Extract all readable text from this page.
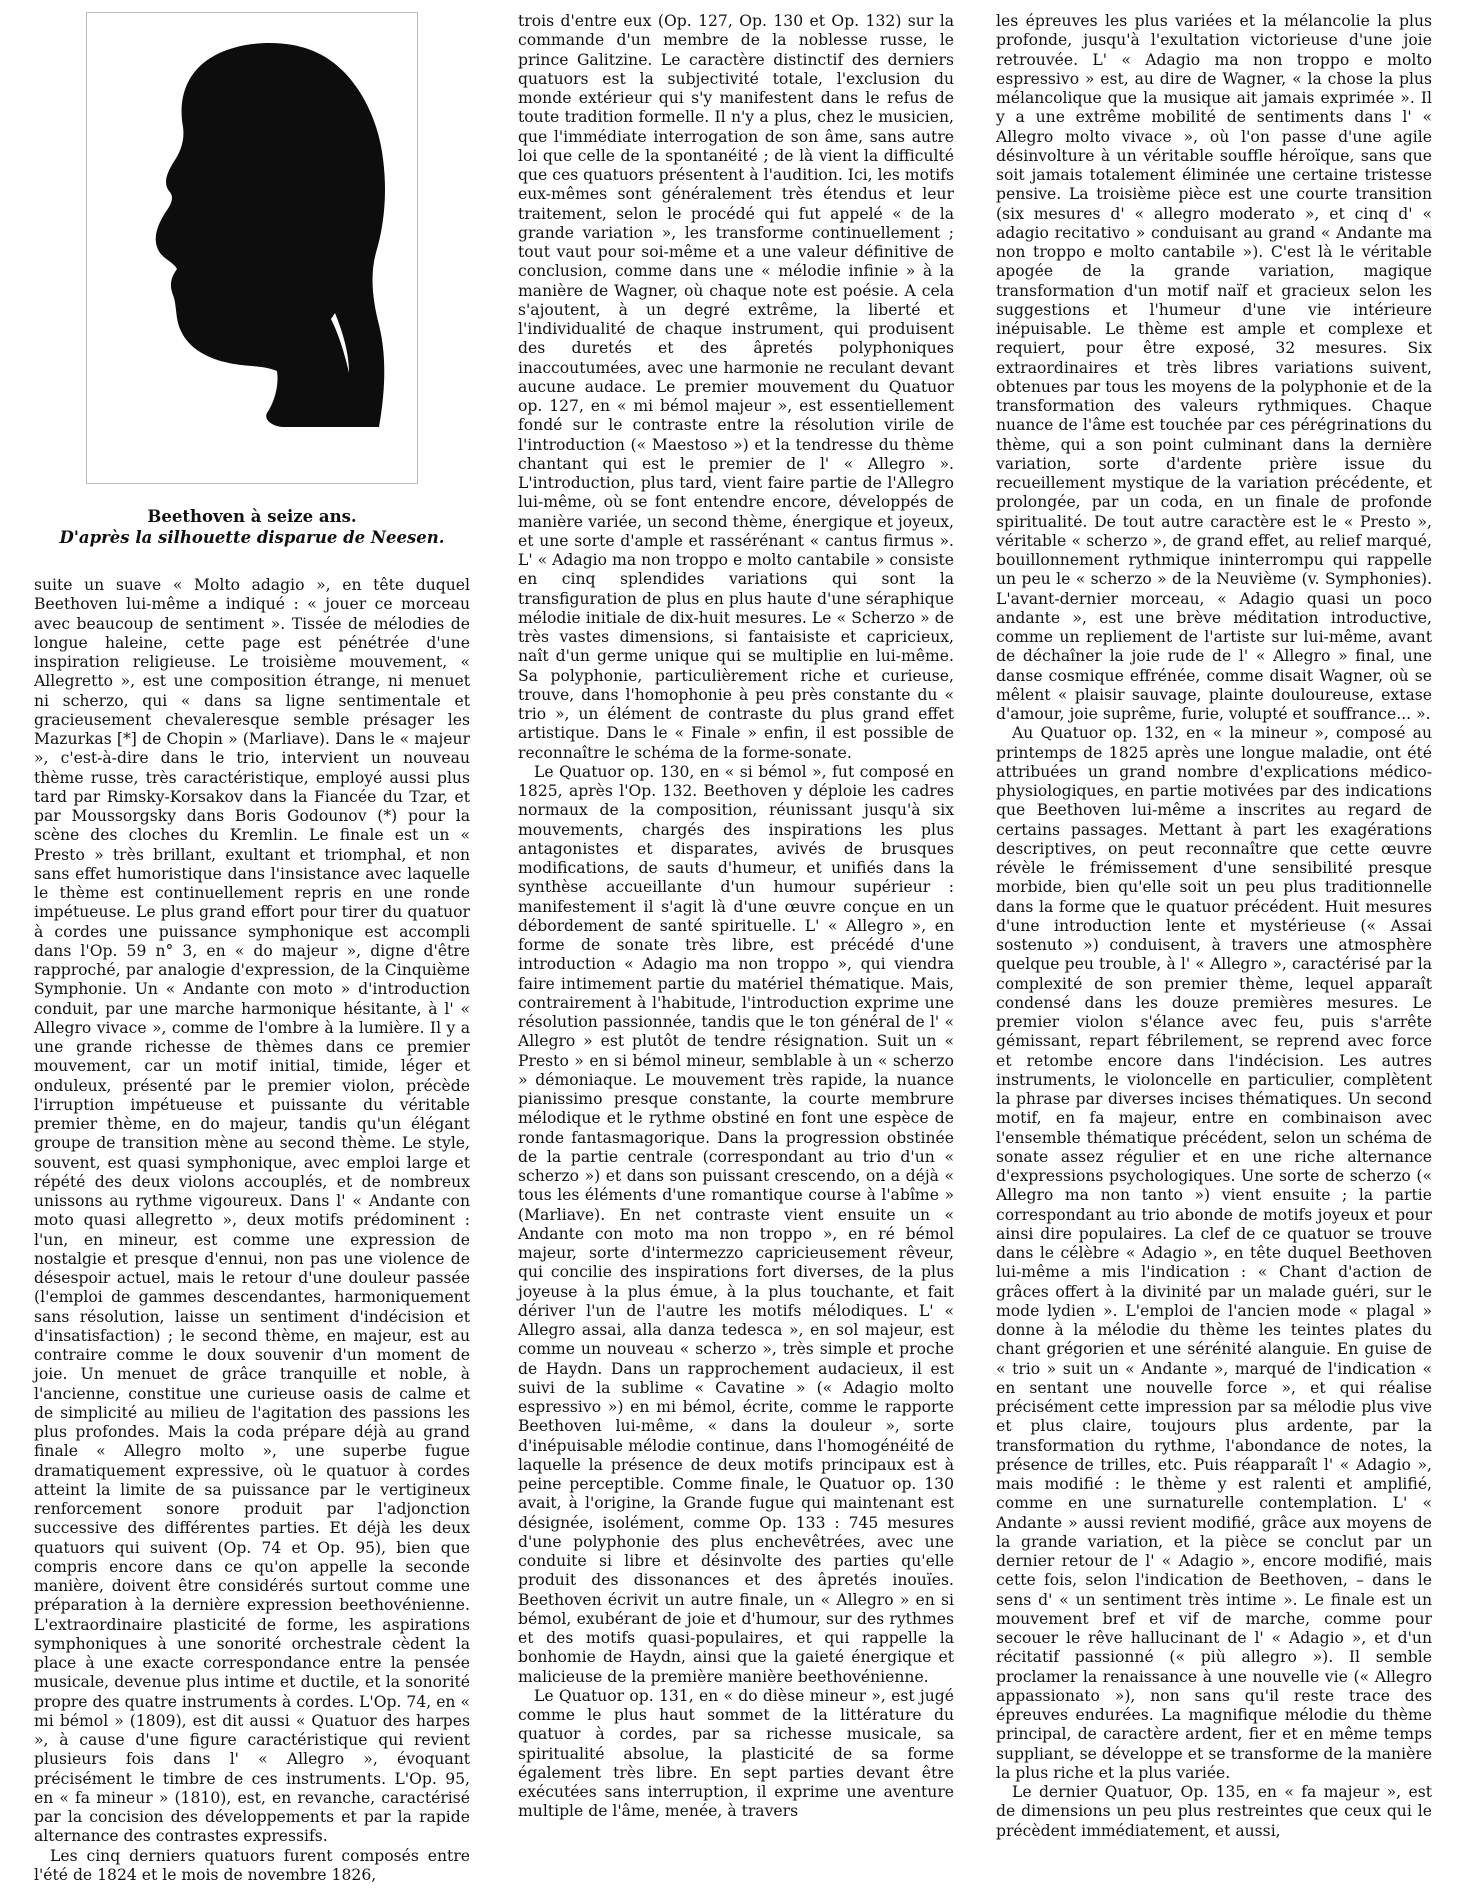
Beethoven à seize ans.
D'après la silhouette disparue de Neesen.

suite un suave « Molto adagio », en tête duquel Beethoven lui-même a indiqué : « jouer ce morceau avec beaucoup de sentiment ». Tissée de mélodies de longue haleine, cette page est pénétrée d'une inspiration religieuse. Le troisième mouvement, « Allegretto », est une composition étrange, ni menuet ni scherzo, qui « dans sa ligne sentimentale et gracieusement chevaleresque semble présager les Mazurkas [*] de Chopin » (Marliave). Dans le « majeur », c'est-à-dire dans le trio, intervient un nouveau thème russe, très caractéristique, employé aussi plus tard par Rimsky-Korsakov dans la Fiancée du Tzar, et par Moussorgsky dans Boris Godounov (*) pour la scène des cloches du Kremlin. Le finale est un « Presto » très brillant, exultant et triomphal, et non sans effet humoristique dans l'insistance avec laquelle le thème est continuellement repris en une ronde impétueuse. Le plus grand effort pour tirer du quatuor à cordes une puissance symphonique est accompli dans l'Op. 59 n° 3, en « do majeur », digne d'être rapproché, par analogie d'expression, de la Cinquième Symphonie. Un « Andante con moto » d'introduction conduit, par une marche harmonique hésitante, à l' « Allegro vivace », comme de l'ombre à la lumière. Il y a une grande richesse de thèmes dans ce premier mouvement, car un motif initial, timide, léger et onduleux, présenté par le premier violon, précède l'irruption impétueuse et puissante du véritable premier thème, en do majeur, tandis qu'un élégant groupe de transition mène au second thème. Le style, souvent, est quasi symphonique, avec emploi large et répété des deux violons accouplés, et de nombreux unissons au rythme vigoureux. Dans l' « Andante con moto quasi allegretto », deux motifs prédominent : l'un, en mineur, est comme une expression de nostalgie et presque d'ennui, non pas une violence de désespoir actuel, mais le retour d'une douleur passée (l'emploi de gammes descendantes, harmoniquement sans résolution, laisse un sentiment d'indécision et d'insatisfaction) ; le second thème, en majeur, est au contraire comme le doux souvenir d'un moment de joie. Un menuet de grâce tranquille et noble, à l'ancienne, constitue une curieuse oasis de calme et de simplicité au milieu de l'agitation des passions les plus profondes. Mais la coda prépare déjà au grand finale « Allegro molto », une superbe fugue dramatiquement expressive, où le quatuor à cordes atteint la limite de sa puissance par le vertigineux renforcement sonore produit par l'adjonction successive des différentes parties. Et déjà les deux quatuors qui suivent (Op. 74 et Op. 95), bien que compris encore dans ce qu'on appelle la seconde manière, doivent être considérés surtout comme une préparation à la dernière expression beethovénienne. L'extraordinaire plasticité de forme, les aspirations symphoniques à une sonorité orchestrale cèdent la place à une exacte correspondance entre la pensée musicale, devenue plus intime et ductile, et la sonorité propre des quatre instruments à cordes. L'Op. 74, en « mi bémol » (1809), est dit aussi « Quatuor des harpes », à cause d'une figure caractéristique qui revient plusieurs fois dans l' « Allegro », évoquant précisément le timbre de ces instruments. L'Op. 95, en « fa mineur » (1810), est, en revanche, caractérisé par la concision des développements et par la rapide alternance des contrastes expressifs.

Les cinq derniers quatuors furent composés entre l'été de 1824 et le mois de novembre 1826,

trois d'entre eux (Op. 127, Op. 130 et Op. 132) sur la commande d'un membre de la noblesse russe, le prince Galitzine. Le caractère distinctif des derniers quatuors est la subjectivité totale, l'exclusion du monde extérieur qui s'y manifestent dans le refus de toute tradition formelle. Il n'y a plus, chez le musicien, que l'immédiate interrogation de son âme, sans autre loi que celle de la spontanéité ; de là vient la difficulté que ces quatuors présentent à l'audition. Ici, les motifs eux-mêmes sont généralement très étendus et leur traitement, selon le procédé qui fut appelé « de la grande variation », les transforme continuellement ; tout vaut pour soi-même et a une valeur définitive de conclusion, comme dans une « mélodie infinie » à la manière de Wagner, où chaque note est poésie. A cela s'ajoutent, à un degré extrême, la liberté et l'individualité de chaque instrument, qui produisent des duretés et des âpretés polyphoniques inaccoutumées, avec une harmonie ne reculant devant aucune audace. Le premier mouvement du Quatuor op. 127, en « mi bémol majeur », est essentiellement fondé sur le contraste entre la résolution virile de l'introduction (« Maestoso ») et la tendresse du thème chantant qui est le premier de l' « Allegro ». L'introduction, plus tard, vient faire partie de l'Allegro lui-même, où se font entendre encore, développés de manière variée, un second thème, énergique et joyeux, et une sorte d'ample et rassérénant « cantus firmus ». L' « Adagio ma non troppo e molto cantabile » consiste en cinq splendides variations qui sont la transfiguration de plus en plus haute d'une séraphique mélodie initiale de dix-huit mesures. Le « Scherzo » de très vastes dimensions, si fantaisiste et capricieux, naît d'un germe unique qui se multiplie en lui-même. Sa polyphonie, particulièrement riche et curieuse, trouve, dans l'homophonie à peu près constante du « trio », un élément de contraste du plus grand effet artistique. Dans le « Finale » enfin, il est possible de reconnaître le schéma de la forme-sonate.

Le Quatuor op. 130, en « si bémol », fut composé en 1825, après l'Op. 132. Beethoven y déploie les cadres normaux de la composition, réunissant jusqu'à six mouvements, chargés des inspirations les plus antagonistes et disparates, avivés de brusques modifications, de sauts d'humeur, et unifiés dans la synthèse accueillante d'un humour supérieur : manifestement il s'agit là d'une œuvre conçue en un débordement de santé spirituelle. L' « Allegro », en forme de sonate très libre, est précédé d'une introduction « Adagio ma non troppo », qui viendra faire intimement partie du matériel thématique. Mais, contrairement à l'habitude, l'introduction exprime une résolution passionnée, tandis que le ton général de l' « Allegro » est plutôt de tendre résignation. Suit un « Presto » en si bémol mineur, semblable à un « scherzo » démoniaque. Le mouvement très rapide, la nuance pianissimo presque constante, la courte membrure mélodique et le rythme obstiné en font une espèce de ronde fantasmagorique. Dans la progression obstinée de la partie centrale (correspondant au trio d'un « scherzo ») et dans son puissant crescendo, on a déjà « tous les éléments d'une romantique course à l'abîme » (Marliave). En net contraste vient ensuite un « Andante con moto ma non troppo », en ré bémol majeur, sorte d'intermezzo capricieusement rêveur, qui concilie des inspirations fort diverses, de la plus joyeuse à la plus émue, à la plus touchante, et fait dériver l'un de l'autre les motifs mélodiques. L' « Allegro assai, alla danza tedesca », en sol majeur, est comme un nouveau « scherzo », très simple et proche de Haydn. Dans un rapprochement audacieux, il est suivi de la sublime « Cavatine » (« Adagio molto espressivo ») en mi bémol, écrite, comme le rapporte Beethoven lui-même, « dans la douleur », sorte d'inépuisable mélodie continue, dans l'homogénéité de laquelle la présence de deux motifs principaux est à peine perceptible. Comme finale, le Quatuor op. 130 avait, à l'origine, la Grande fugue qui maintenant est désignée, isolément, comme Op. 133 : 745 mesures d'une polyphonie des plus enchevêtrées, avec une conduite si libre et désinvolte des parties qu'elle produit des dissonances et des âpretés inouïes. Beethoven écrivit un autre finale, un « Allegro » en si bémol, exubérant de joie et d'humour, sur des rythmes et des motifs quasi-populaires, et qui rappelle la bonhomie de Haydn, ainsi que la gaieté énergique et malicieuse de la première manière beethovénienne.

Le Quatuor op. 131, en « do dièse mineur », est jugé comme le plus haut sommet de la littérature du quatuor à cordes, par sa richesse musicale, sa spiritualité absolue, la plasticité de sa forme également très libre. En sept parties devant être exécutées sans interruption, il exprime une aventure multiple de l'âme, menée, à travers

les épreuves les plus variées et la mélancolie la plus profonde, jusqu'à l'exultation victorieuse d'une joie retrouvée. L' « Adagio ma non troppo e molto espressivo » est, au dire de Wagner, « la chose la plus mélancolique que la musique ait jamais exprimée ». Il y a une extrême mobilité de sentiments dans l' « Allegro molto vivace », où l'on passe d'une agile désinvolture à un véritable souffle héroïque, sans que soit jamais totalement éliminée une certaine tristesse pensive. La troisième pièce est une courte transition (six mesures d' « allegro moderato », et cinq d' « adagio recitativo » conduisant au grand « Andante ma non troppo e molto cantabile »). C'est là le véritable apogée de la grande variation, magique transformation d'un motif naïf et gracieux selon les suggestions et l'humeur d'une vie intérieure inépuisable. Le thème est ample et complexe et requiert, pour être exposé, 32 mesures. Six extraordinaires et très libres variations suivent, obtenues par tous les moyens de la polyphonie et de la transformation des valeurs rythmiques. Chaque nuance de l'âme est touchée par ces pérégrinations du thème, qui a son point culminant dans la dernière variation, sorte d'ardente prière issue du recueillement mystique de la variation précédente, et prolongée, par un coda, en un finale de profonde spiritualité. De tout autre caractère est le « Presto », véritable « scherzo », de grand effet, au relief marqué, bouillonnement rythmique ininterrompu qui rappelle un peu le « scherzo » de la Neuvième (v. Symphonies). L'avant-dernier morceau, « Adagio quasi un poco andante », est une brève méditation introductive, comme un repliement de l'artiste sur lui-même, avant de déchaîner la joie rude de l' « Allegro » final, une danse cosmique effrénée, comme disait Wagner, où se mêlent « plaisir sauvage, plainte douloureuse, extase d'amour, joie suprême, furie, volupté et souffrance... ».

Au Quatuor op. 132, en « la mineur », composé au printemps de 1825 après une longue maladie, ont été attribuées un grand nombre d'explications médico-physiologiques, en partie motivées par des indications que Beethoven lui-même a inscrites au regard de certains passages. Mettant à part les exagérations descriptives, on peut reconnaître que cette œuvre révèle le frémissement d'une sensibilité presque morbide, bien qu'elle soit un peu plus traditionnelle dans la forme que le quatuor précédent. Huit mesures d'une introduction lente et mystérieuse (« Assai sostenuto ») conduisent, à travers une atmosphère quelque peu trouble, à l' « Allegro », caractérisé par la complexité de son premier thème, lequel apparaît condensé dans les douze premières mesures. Le premier violon s'élance avec feu, puis s'arrête gémissant, repart fébrilement, se reprend avec force et retombe encore dans l'indécision. Les autres instruments, le violoncelle en particulier, complètent la phrase par diverses incises thématiques. Un second motif, en fa majeur, entre en combinaison avec l'ensemble thématique précédent, selon un schéma de sonate assez régulier et en une riche alternance d'expressions psychologiques. Une sorte de scherzo (« Allegro ma non tanto ») vient ensuite ; la partie correspondant au trio abonde de motifs joyeux et pour ainsi dire populaires. La clef de ce quatuor se trouve dans le célèbre « Adagio », en tête duquel Beethoven lui-même a mis l'indication : « Chant d'action de grâces offert à la divinité par un malade guéri, sur le mode lydien ». L'emploi de l'ancien mode « plagal » donne à la mélodie du thème les teintes plates du chant grégorien et une sérénité alanguie. En guise de « trio » suit un « Andante », marqué de l'indication « en sentant une nouvelle force », et qui réalise précisément cette impression par sa mélodie plus vive et plus claire, toujours plus ardente, par la transformation du rythme, l'abondance de notes, la présence de trilles, etc. Puis réapparaît l' « Adagio », mais modifié : le thème y est ralenti et amplifié, comme en une surnaturelle contemplation. L' « Andante » aussi revient modifié, grâce aux moyens de la grande variation, et la pièce se conclut par un dernier retour de l' « Adagio », encore modifié, mais cette fois, selon l'indication de Beethoven, – dans le sens d' « un sentiment très intime ». Le finale est un mouvement bref et vif de marche, comme pour secouer le rêve hallucinant de l' « Adagio », et d'un récitatif passionné (« più allegro »). Il semble proclamer la renaissance à une nouvelle vie (« Allegro appassionato »), non sans qu'il reste trace des épreuves endurées. La magnifique mélodie du thème principal, de caractère ardent, fier et en même temps suppliant, se développe et se transforme de la manière la plus riche et la plus variée.

Le dernier Quatuor, Op. 135, en « fa majeur », est de dimensions un peu plus restreintes que ceux qui le précèdent immédiatement, et aussi,
